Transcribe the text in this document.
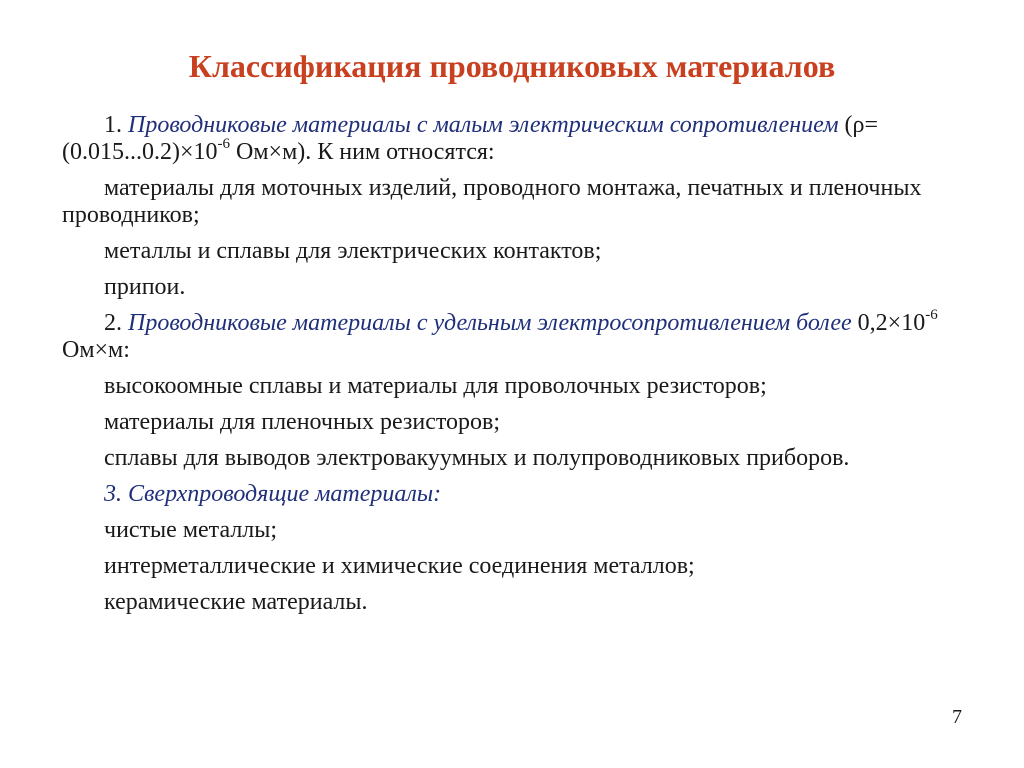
Классификация проводниковых материалов

1. Проводниковые материалы с малым электрическим сопротивлением ($\rho=(0.015...0.2)\times 10^{-6}$ Ом×м). К ним относятся:

материалы для моточных изделий, проводного монтажа, печатных и пленочных проводников;

металлы и сплавы для электрических контактов;

припои.

2. Проводниковые материалы с удельным электросопротивлением более $0,2\times 10^{-6}$ Ом×м:

высокоомные сплавы и материалы для проволочных резисторов;

материалы для пленочных резисторов;

сплавы для выводов электровакуумных и полупроводниковых приборов.

3. Сверхпроводящие материалы:

чистые металлы;

интерметаллические и химические соединения металлов;

керамические материалы.

7
